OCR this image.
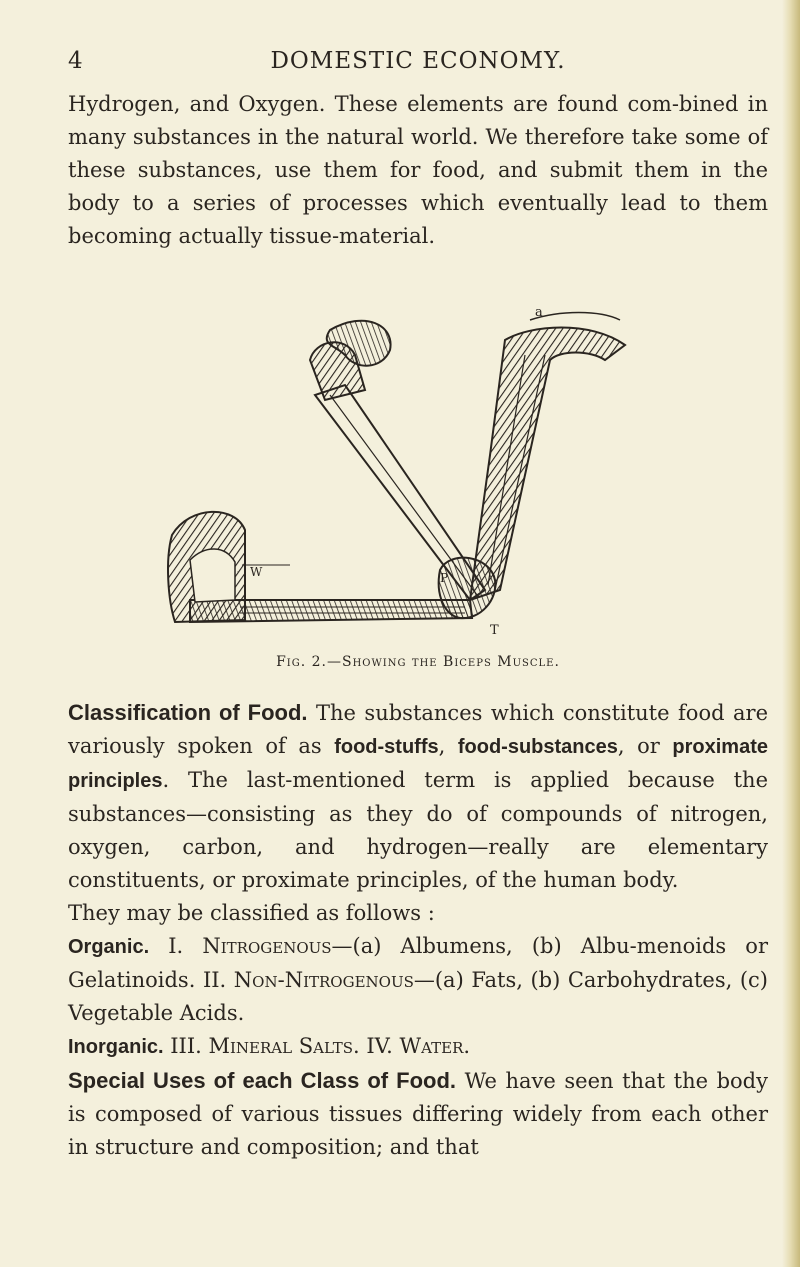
4	DOMESTIC ECONOMY.

Hydrogen, and Oxygen. These elements are found com-bined in many substances in the natural world. We therefore take some of these substances, use them for food, and submit them in the body to a series of processes which eventually lead to them becoming actually tissue-material.

a
W	P
T
Fig. 2.—Showing the Biceps Muscle.
Classification of Food. The substances which constitute food are variously spoken of as food-stuffs, food-substances, or proximate principles. The last-mentioned term is applied because the substances—consisting as they do of compounds of nitrogen, oxygen, carbon, and hydrogen—really are elementary constituents, or proximate principles, of the human body.
They may be classified as follows :
Organic. I. Nitrogenous—(a) Albumens, (b) Albu-menoids or Gelatinoids. II. Non-Nitrogenous—(a) Fats, (b) Carbohydrates, (c) Vegetable Acids.
Inorganic. III. Mineral Salts. IV. Water.
Special Uses of each Class of Food. We have seen that the body is composed of various tissues differing widely from each other in structure and composition; and that
